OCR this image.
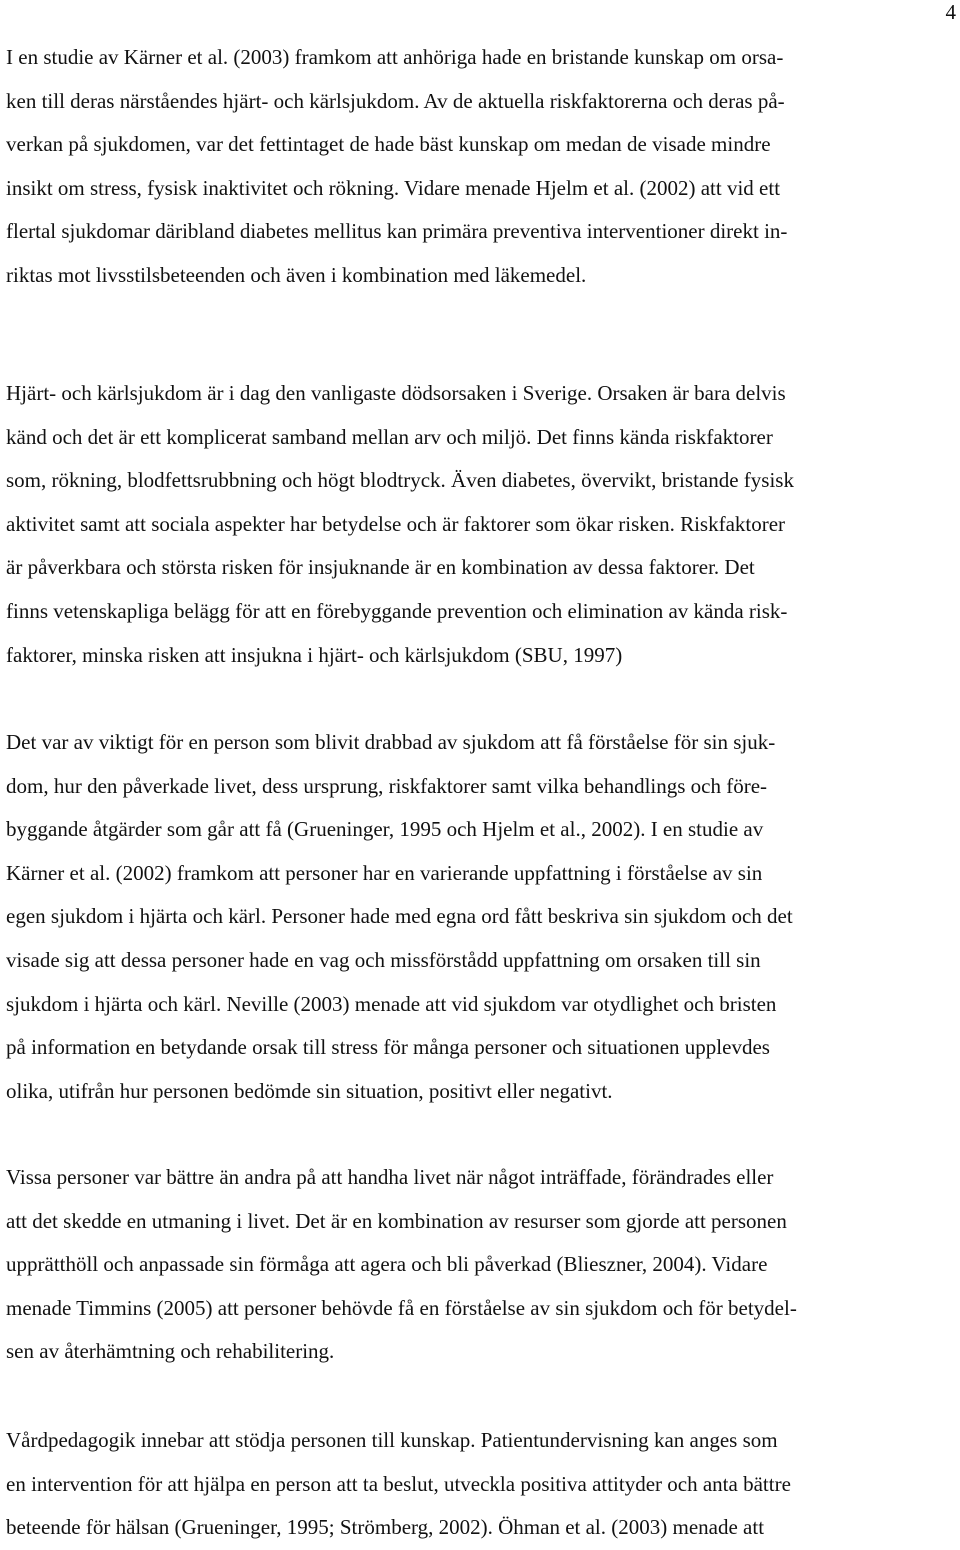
4

I en studie av Kärner et al. (2003) framkom att anhöriga hade en bristande kunskap om orsa-
ken till deras närståendes hjärt- och kärlsjukdom. Av de aktuella riskfaktorerna och deras på-
verkan på sjukdomen, var det fettintaget de hade bäst kunskap om medan de visade mindre
insikt om stress, fysisk inaktivitet och rökning. Vidare menade Hjelm et al. (2002) att vid ett
flertal sjukdomar däribland diabetes mellitus kan primära preventiva interventioner direkt in-
riktas mot livsstilsbeteenden och även i kombination med läkemedel.

Hjärt- och kärlsjukdom är i dag den vanligaste dödsorsaken i Sverige. Orsaken är bara delvis
känd och det är ett komplicerat samband mellan arv och miljö. Det finns kända riskfaktorer
som, rökning, blodfettsrubbning och högt blodtryck. Även diabetes, övervikt, bristande fysisk
aktivitet samt att sociala aspekter har betydelse och är faktorer som ökar risken. Riskfaktorer
är påverkbara och största risken för insjuknande är en kombination av dessa faktorer. Det
finns vetenskapliga belägg för att en förebyggande prevention och elimination av kända risk-
faktorer, minska risken att insjukna i hjärt- och kärlsjukdom (SBU, 1997)

Det var av viktigt för en person som blivit drabbad av sjukdom att få förståelse för sin sjuk-
dom, hur den påverkade livet, dess ursprung, riskfaktorer samt vilka behandlings och före-
byggande åtgärder som går att få (Grueninger, 1995 och Hjelm et al., 2002). I en studie av
Kärner et al. (2002) framkom att personer har en varierande uppfattning i förståelse av sin
egen sjukdom i hjärta och kärl. Personer hade med egna ord fått beskriva sin sjukdom och det
visade sig att dessa personer hade en vag och missförstådd uppfattning om orsaken till sin
sjukdom i hjärta och kärl. Neville (2003) menade att vid sjukdom var otydlighet och bristen
på information en betydande orsak till stress för många personer och situationen upplevdes
olika, utifrån hur personen bedömde sin situation, positivt eller negativt.

Vissa personer var bättre än andra på att handha livet när något inträffade, förändrades eller
att det skedde en utmaning i livet. Det är en kombination av resurser som gjorde att personen
upprätthöll och anpassade sin förmåga att agera och bli påverkad (Blieszner, 2004). Vidare
menade Timmins (2005) att personer behövde få en förståelse av sin sjukdom och för betydel-
sen av återhämtning och rehabilitering.

Vårdpedagogik innebar att stödja personen till kunskap. Patientundervisning kan anges som
en intervention för att hjälpa en person att ta beslut, utveckla positiva attityder och anta bättre
beteende för hälsan (Grueninger, 1995; Strömberg, 2002). Öhman et al. (2003) menade att
